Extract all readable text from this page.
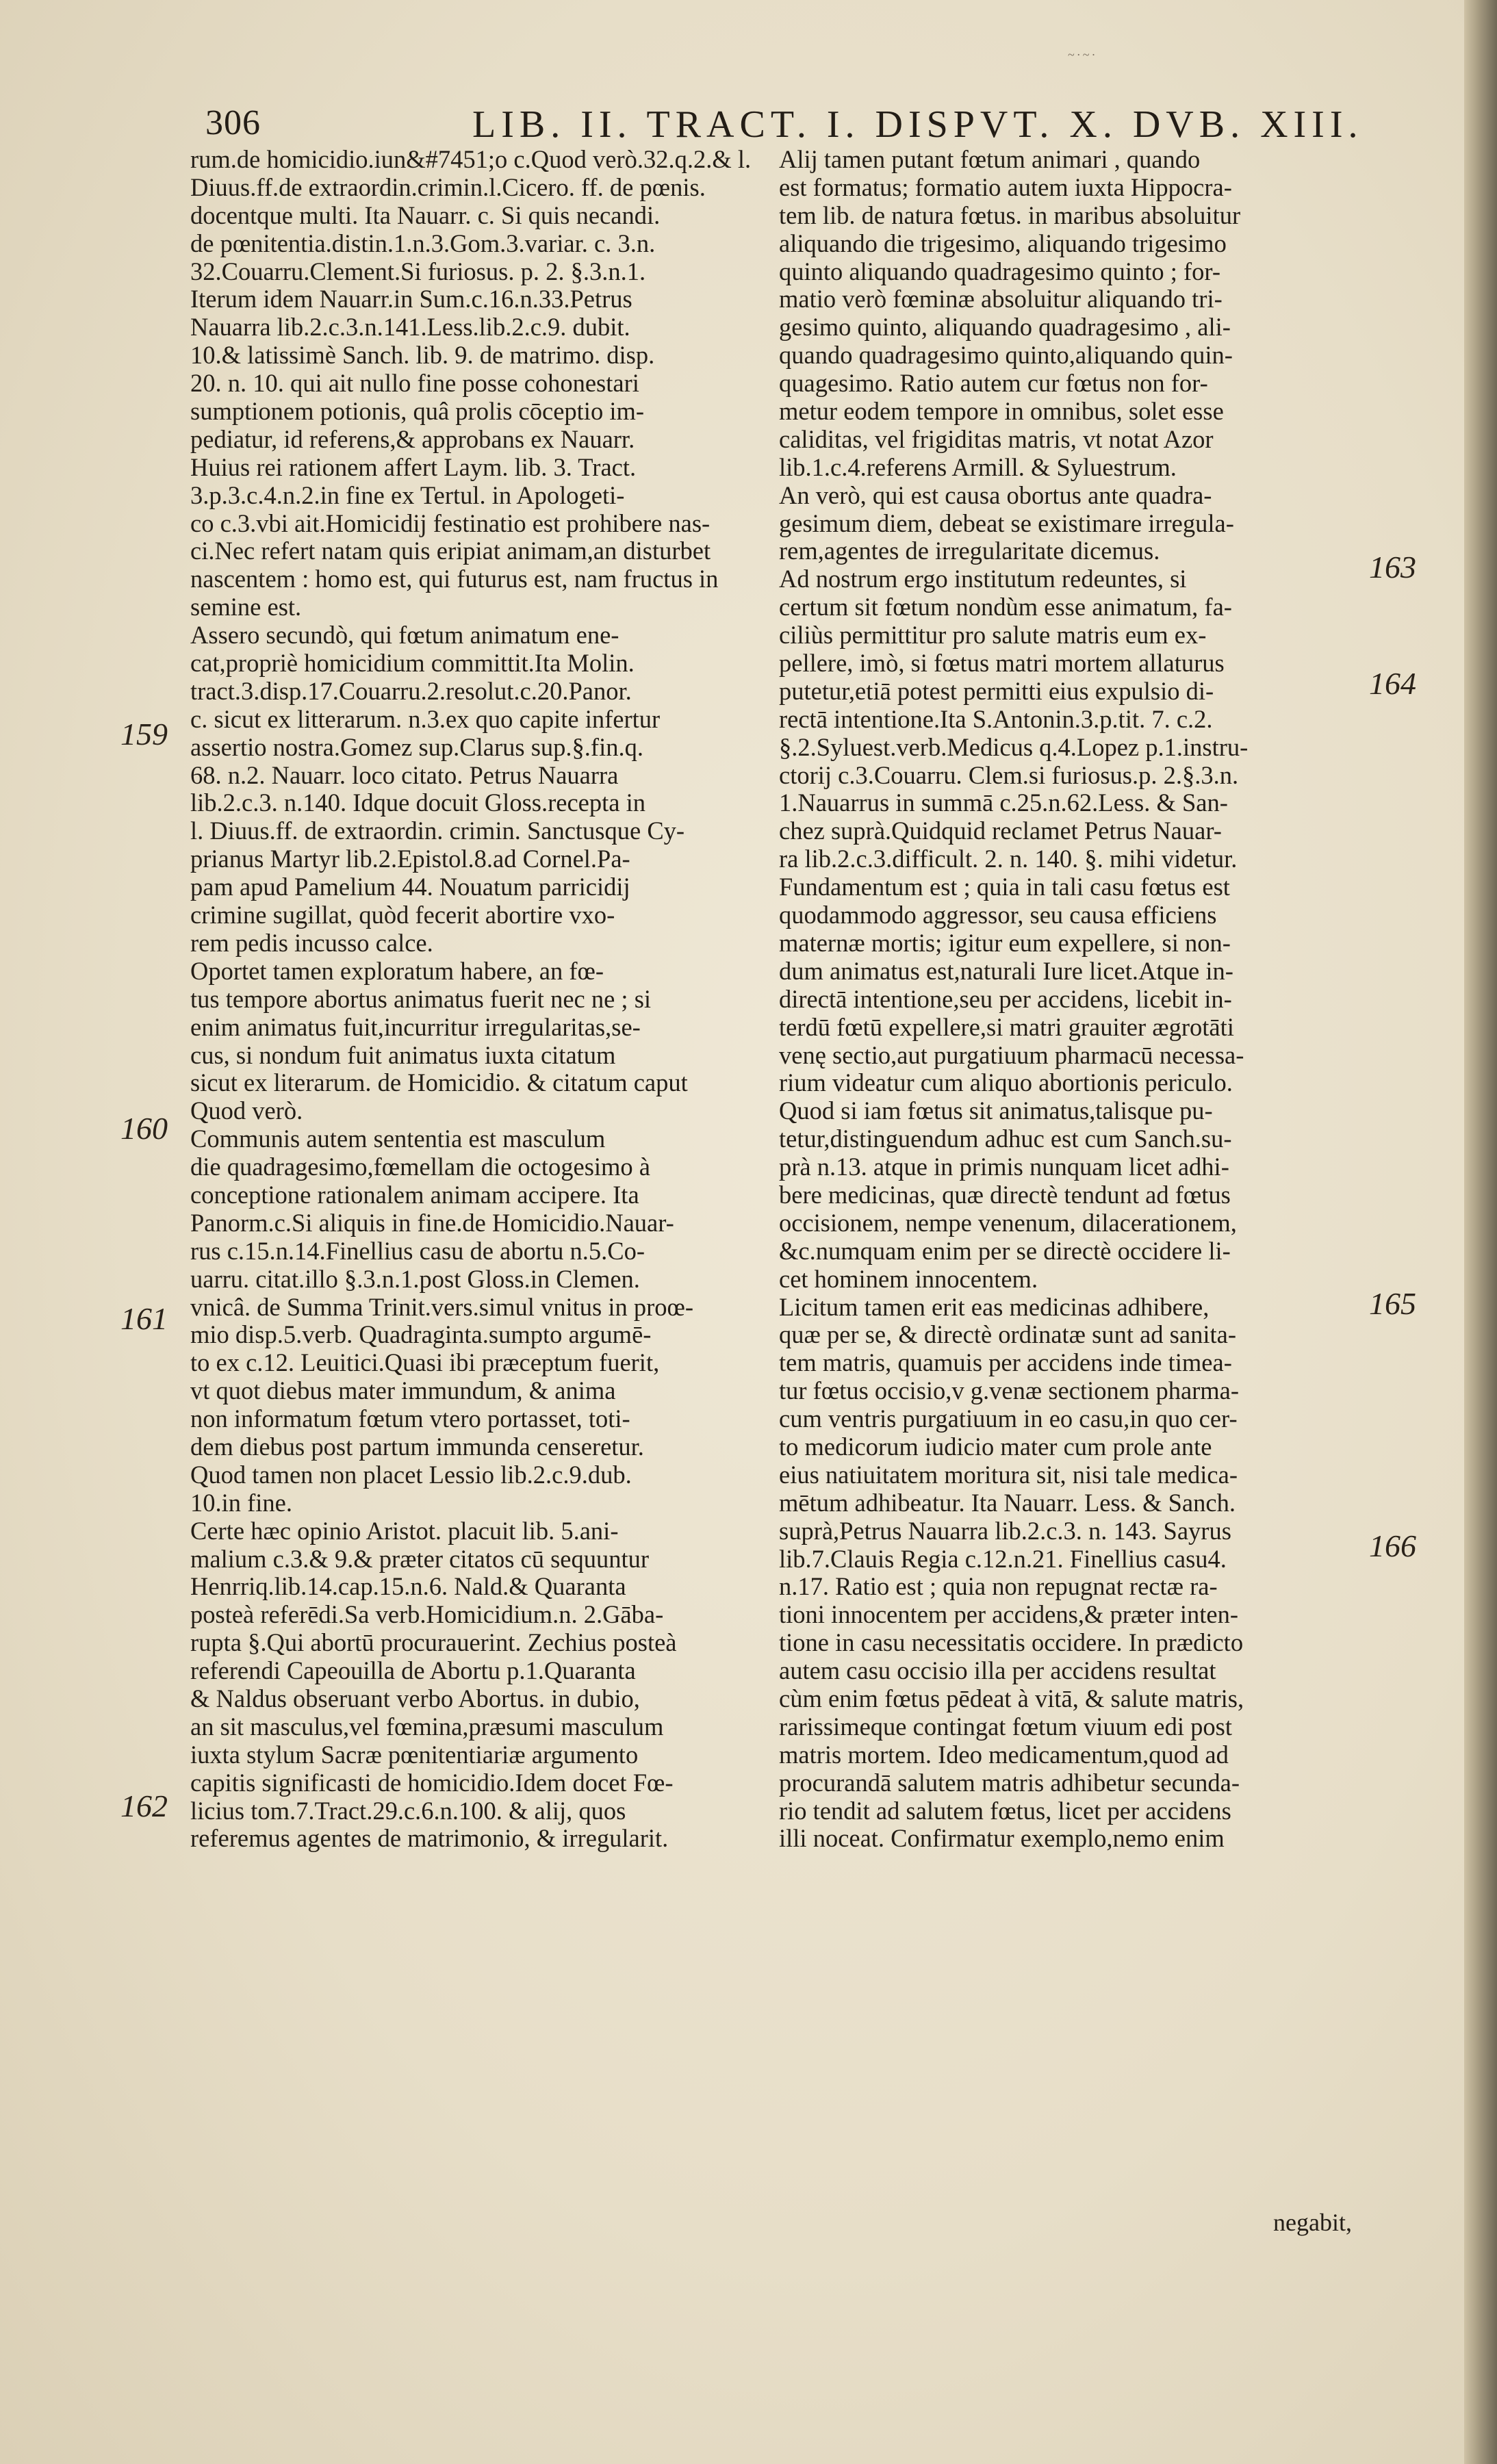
~·~·
306	LIB. II. TRACT. I. DISPVT. X. DVB. XIII.
rum.de homicidio.iun&#7451;o c.Quod verò.32.q.2.& l.
Diuus.ff.de extraordin.crimin.l.Cicero. ff. de pœnis.
docentque multi. Ita Nauarr. c. Si quis necandi.
de pœnitentia.distin.1.n.3.Gom.3.variar. c. 3.n.
32.Couarru.Clement.Si furiosus. p. 2. §.3.n.1.
Iterum idem Nauarr.in Sum.c.16.n.33.Petrus
Nauarra lib.2.c.3.n.141.Less.lib.2.c.9. dubit.
10.& latissimè Sanch. lib. 9. de matrimo. disp.
20. n. 10. qui ait nullo fine posse cohonestari
sumptionem potionis, quâ prolis cōceptio im-
pediatur, id referens,& approbans ex Nauarr.
Huius rei rationem affert Laym. lib. 3. Tract.
3.p.3.c.4.n.2.in fine ex Tertul. in Apologeti-
co c.3.vbi ait.Homicidij festinatio est prohibere nas-
ci.Nec refert natam quis eripiat animam,an disturbet
nascentem : homo est, qui futurus est, nam fructus in
semine est.
Assero secundò, qui fœtum animatum ene-
cat,propriè homicidium committit.Ita Molin.
tract.3.disp.17.Couarru.2.resolut.c.20.Panor.
c. sicut ex litterarum. n.3.ex quo capite infertur
assertio nostra.Gomez sup.Clarus sup.§.fin.q.
68. n.2. Nauarr. loco citato. Petrus Nauarra
lib.2.c.3. n.140. Idque docuit Gloss.recepta in
l. Diuus.ff. de extraordin. crimin. Sanctusque Cy-
prianus Martyr lib.2.Epistol.8.ad Cornel.Pa-
pam apud Pamelium 44. Nouatum parricidij
crimine sugillat, quòd fecerit abortire vxo-
rem pedis incusso calce.
Oportet tamen exploratum habere, an fœ-
tus tempore abortus animatus fuerit nec ne ; si
enim animatus fuit,incurritur irregularitas,se-
cus, si nondum fuit animatus iuxta citatum
sicut ex literarum. de Homicidio. & citatum caput
Quod verò.
Communis autem sententia est masculum
die quadragesimo,fœmellam die octogesimo à
conceptione rationalem animam accipere. Ita
Panorm.c.Si aliquis in fine.de Homicidio.Nauar-
rus c.15.n.14.Finellius casu de abortu n.5.Co-
uarru. citat.illo §.3.n.1.post Gloss.in Clemen.
vnicâ. de Summa Trinit.vers.simul vnitus in proœ-
mio disp.5.verb. Quadraginta.sumpto argumē-
to ex c.12. Leuitici.Quasi ibi præceptum fuerit,
vt quot diebus mater immundum, & anima
non informatum fœtum vtero portasset, toti-
dem diebus post partum immunda censeretur.
Quod tamen non placet Lessio lib.2.c.9.dub.
10.in fine.
Certe hæc opinio Aristot. placuit lib. 5.ani-
malium c.3.& 9.& præter citatos cū sequuntur
Henrriq.lib.14.cap.15.n.6. Nald.& Quaranta
posteà referēdi.Sa verb.Homicidium.n. 2.Gāba-
rupta §.Qui abortū procurauerint. Zechius posteà
referendi Capeouilla de Abortu p.1.Quaranta
& Naldus obseruant verbo Abortus. in dubio,
an sit masculus,vel fœmina,præsumi masculum
iuxta stylum Sacræ pœnitentiariæ argumento
capitis significasti de homicidio.Idem docet Fœ-
licius tom.7.Tract.29.c.6.n.100. & alij, quos
referemus agentes de matrimonio, & irregularit.
Alij tamen putant fœtum animari , quando
est formatus; formatio autem iuxta Hippocra-
tem lib. de natura fœtus. in maribus absoluitur
aliquando die trigesimo, aliquando trigesimo
quinto aliquando quadragesimo quinto ; for-
matio verò fœminæ absoluitur aliquando tri-
gesimo quinto, aliquando quadragesimo , ali-
quando quadragesimo quinto,aliquando quin-
quagesimo. Ratio autem cur fœtus non for-
metur eodem tempore in omnibus, solet esse
caliditas, vel frigiditas matris, vt notat Azor
lib.1.c.4.referens Armill. & Syluestrum.
An verò, qui est causa obortus ante quadra-
gesimum diem, debeat se existimare irregula-
rem,agentes de irregularitate dicemus.
Ad nostrum ergo institutum redeuntes, si
certum sit fœtum nondùm esse animatum, fa-
ciliùs permittitur pro salute matris eum ex-
pellere, imò, si fœtus matri mortem allaturus
putetur,etiā potest permitti eius expulsio di-
rectā intentione.Ita S.Antonin.3.p.tit. 7. c.2.
§.2.Syluest.verb.Medicus q.4.Lopez p.1.instru-
ctorij c.3.Couarru. Clem.si furiosus.p. 2.§.3.n.
1.Nauarrus in summā c.25.n.62.Less. & San-
chez suprà.Quidquid reclamet Petrus Nauar-
ra lib.2.c.3.difficult. 2. n. 140. §. mihi videtur.
Fundamentum est ; quia in tali casu fœtus est
quodammodo aggressor, seu causa efficiens
maternæ mortis; igitur eum expellere, si non-
dum animatus est,naturali Iure licet.Atque in-
directā intentione,seu per accidens, licebit in-
terdū fœtū expellere,si matri grauiter ægrotāti
venę sectio,aut purgatiuum pharmacū necessa-
rium videatur cum aliquo abortionis periculo.
Quod si iam fœtus sit animatus,talisque pu-
tetur,distinguendum adhuc est cum Sanch.su-
prà n.13. atque in primis nunquam licet adhi-
bere medicinas, quæ directè tendunt ad fœtus
occisionem, nempe venenum, dilacerationem,
&c.numquam enim per se directè occidere li-
cet hominem innocentem.
Licitum tamen erit eas medicinas adhibere,
quæ per se, & directè ordinatæ sunt ad sanita-
tem matris, quamuis per accidens inde timea-
tur fœtus occisio,v g.venæ sectionem pharma-
cum ventris purgatiuum in eo casu,in quo cer-
to medicorum iudicio mater cum prole ante
eius natiuitatem moritura sit, nisi tale medica-
mētum adhibeatur. Ita Nauarr. Less. & Sanch.
suprà,Petrus Nauarra lib.2.c.3. n. 143. Sayrus
lib.7.Clauis Regia c.12.n.21. Finellius casu4.
n.17. Ratio est ; quia non repugnat rectæ ra-
tioni innocentem per accidens,& præter inten-
tione in casu necessitatis occidere. In prædicto
autem casu occisio illa per accidens resultat
cùm enim fœtus pēdeat à vitā, & salute matris,
rarissimeque contingat fœtum viuum edi post
matris mortem. Ideo medicamentum,quod ad
procurandā salutem matris adhibetur secunda-
rio tendit ad salutem fœtus, licet per accidens
illi noceat. Confirmatur exemplo,nemo enim
159
160
161
162
163
164
165
166
negabit,
